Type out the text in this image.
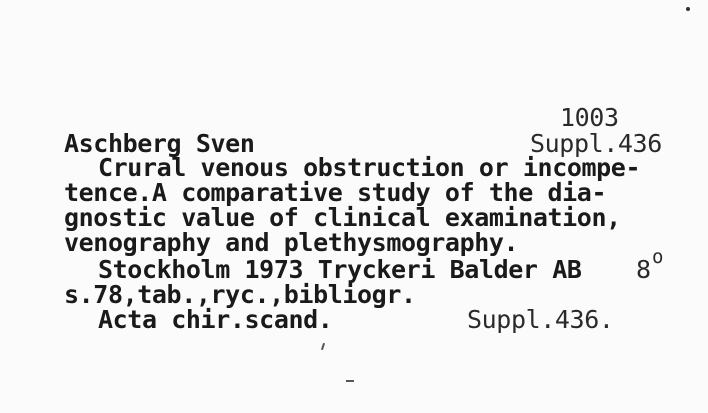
1003
Aschberg Sven	Suppl.436
Crural venous obstruction or incompe-
tence.A comparative study of the dia-
gnostic value of clinical examination,
venography and plethysmography.
Stockholm 1973 Tryckeri Balder AB 8 o
s.78,tab.,ryc.,bibliogr.
Acta chir.scand.	Suppl.436.
